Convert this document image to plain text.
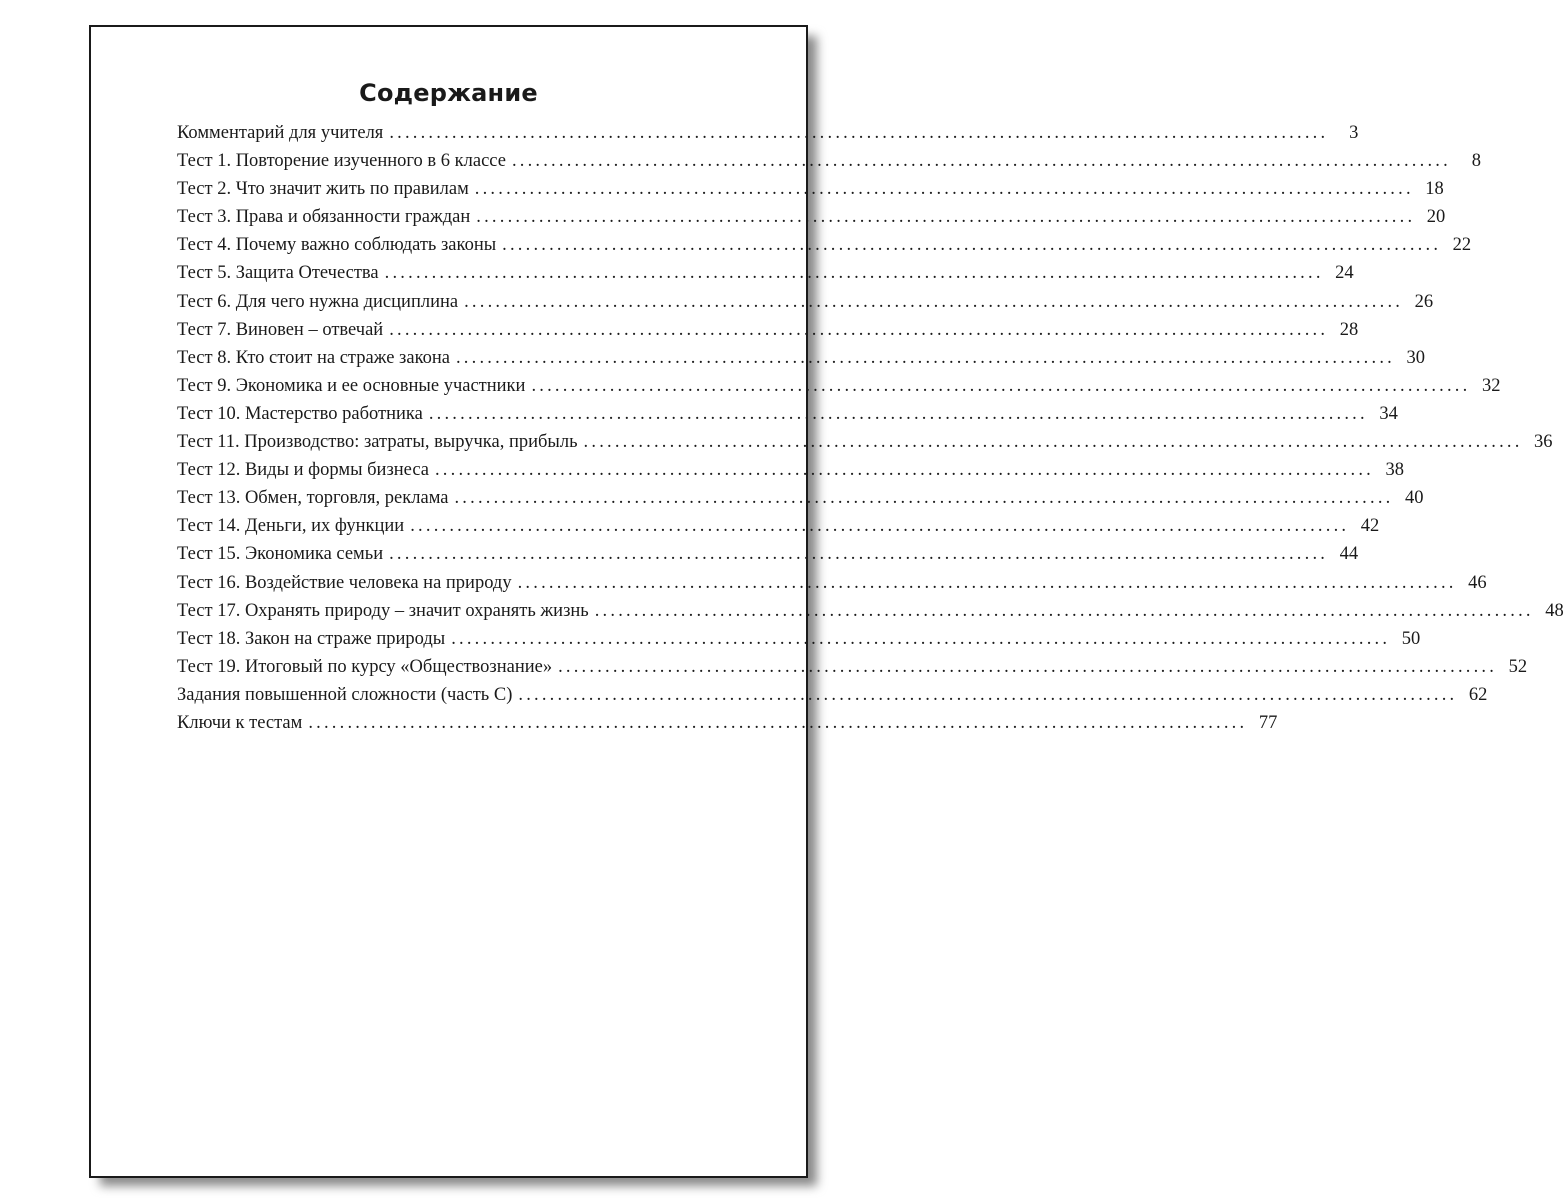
Содержание
Комментарий для учителя ........................................................................................................................	3
Тест 1. Повторение изученного в 6 классе ........................................................................................................................	8
Тест 2. Что значит жить по правилам ........................................................................................................................ 18
Тест 3. Права и обязанности граждан ........................................................................................................................ 20
Тест 4. Почему важно соблюдать законы ........................................................................................................................ 22
Тест 5. Защита Отечества ........................................................................................................................ 24
Тест 6. Для чего нужна дисциплина ........................................................................................................................ 26
Тест 7. Виновен – отвечай ........................................................................................................................ 28
Тест 8. Кто стоит на страже закона ........................................................................................................................ 30
Тест 9. Экономика и ее основные участники ........................................................................................................................ 32
Тест 10. Мастерство работника ........................................................................................................................ 34
Тест 11. Производство: затраты, выручка, прибыль ........................................................................................................................ 36
Тест 12. Виды и формы бизнеса ........................................................................................................................ 38
Тест 13. Обмен, торговля, реклама ........................................................................................................................ 40
Тест 14. Деньги, их функции ........................................................................................................................ 42
Тест 15. Экономика семьи ........................................................................................................................ 44
Тест 16. Воздействие человека на природу ........................................................................................................................ 46
Тест 17. Охранять природу – значит охранять жизнь ........................................................................................................................ 48
Тест 18. Закон на страже природы ........................................................................................................................ 50
Тест 19. Итоговый по курсу «Обществознание» ........................................................................................................................ 52
Задания повышенной сложности (часть С) ........................................................................................................................ 62
Ключи к тестам ........................................................................................................................ 77
